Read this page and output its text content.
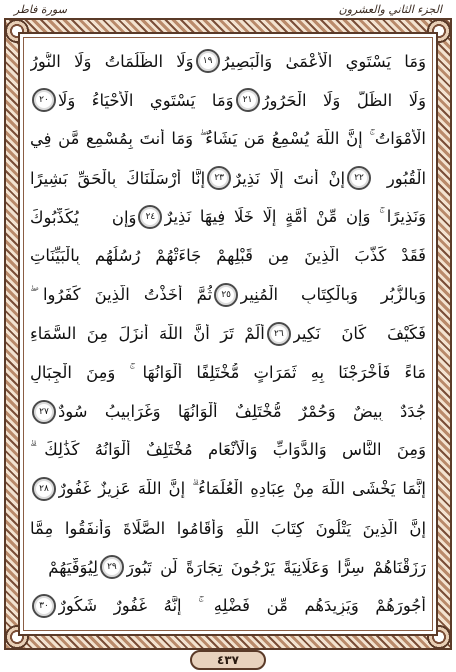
الجزء الثاني والعشرون
سورة فاطر
وَمَا يَسْتَوِي الْأَعْمَىٰ وَالْبَصِيرُ
١٩
وَلَا الظُّلُمَاتُ وَلَا النُّورُ
وَلَا الظِّلُّ وَلَا الْحَرُورُ
٢١
وَمَا يَسْتَوِي الْأَحْيَاءُ وَلَا
٢٠
الْأَمْوَاتُ ۚ إِنَّ اللَّهَ يُسْمِعُ مَن يَشَاءُ ۖ وَمَا أَنتَ بِمُسْمِعٍ مَّن فِي
الْقُبُورِ
٢٢
إِنْ أَنتَ إِلَّا نَذِيرٌ
٢٣
إِنَّا أَرْسَلْنَاكَ بِالْحَقِّ بَشِيرًا
وَنَذِيرًا ۚ وَإِن مِّنْ أُمَّةٍ إِلَّا خَلَا فِيهَا نَذِيرٌ
٢٤
وَإِن يُكَذِّبُوكَ
فَقَدْ كَذَّبَ الَّذِينَ مِن قَبْلِهِمْ جَاءَتْهُمْ رُسُلُهُم بِالْبَيِّنَاتِ
وَبِالزُّبُرِ وَبِالْكِتَابِ الْمُنِيرِ
٢٥
ثُمَّ أَخَذْتُ الَّذِينَ كَفَرُوا ۖ
فَكَيْفَ كَانَ نَكِيرِ
٢٦
أَلَمْ تَرَ أَنَّ اللَّهَ أَنزَلَ مِنَ السَّمَاءِ
مَاءً فَأَخْرَجْنَا بِهِ ثَمَرَاتٍ مُّخْتَلِفًا أَلْوَانُهَا ۚ وَمِنَ الْجِبَالِ
جُدَدٌ بِيضٌ وَحُمْرٌ مُّخْتَلِفٌ أَلْوَانُهَا وَغَرَابِيبُ سُودٌ
٢٧
وَمِنَ النَّاسِ وَالدَّوَابِّ وَالْأَنْعَامِ مُخْتَلِفٌ أَلْوَانُهُ كَذَٰلِكَ ۗ
إِنَّمَا يَخْشَى اللَّهَ مِنْ عِبَادِهِ الْعُلَمَاءُ ۗ إِنَّ اللَّهَ عَزِيزٌ غَفُورٌ
٢٨
إِنَّ الَّذِينَ يَتْلُونَ كِتَابَ اللَّهِ وَأَقَامُوا الصَّلَاةَ وَأَنفَقُوا مِمَّا
رَزَقْنَاهُمْ سِرًّا وَعَلَانِيَةً يَرْجُونَ تِجَارَةً لَّن تَبُورَ
٢٩
لِيُوَفِّيَهُمْ
أُجُورَهُمْ وَيَزِيدَهُم مِّن فَضْلِهِ ۚ إِنَّهُ غَفُورٌ شَكُورٌ
٣٠
٤٣٧
